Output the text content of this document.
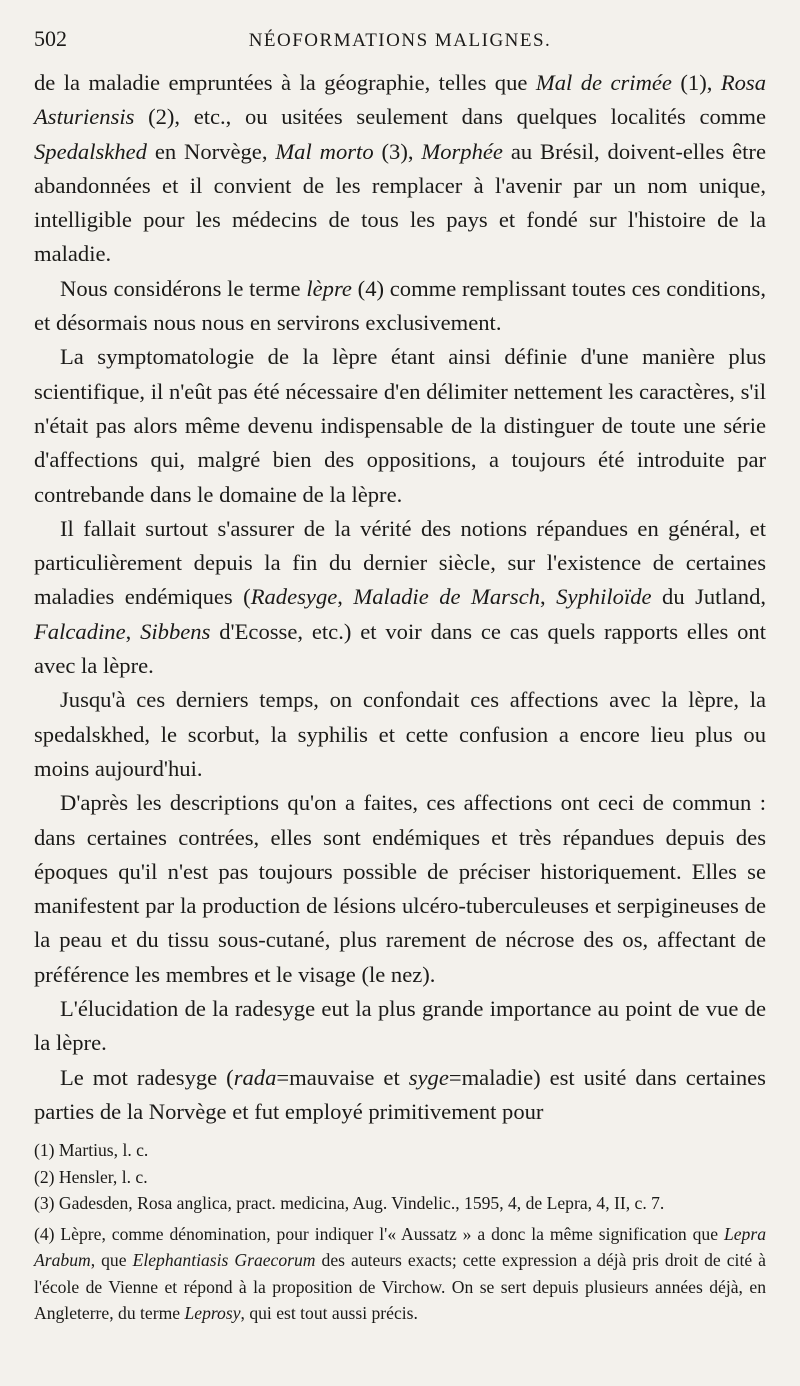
502	NÉOFORMATIONS MALIGNES.

de la maladie empruntées à la géographie, telles que Mal de crimée (1), Rosa Asturiensis (2), etc., ou usitées seulement dans quelques localités comme Spedalskhed en Norvège, Mal morto (3), Morphée au Brésil, doivent-elles être abandonnées et il convient de les remplacer à l'avenir par un nom unique, intelligible pour les médecins de tous les pays et fondé sur l'histoire de la maladie.

Nous considérons le terme lèpre (4) comme remplissant toutes ces conditions, et désormais nous nous en servirons exclusivement.

La symptomatologie de la lèpre étant ainsi définie d'une manière plus scientifique, il n'eût pas été nécessaire d'en délimiter nettement les caractères, s'il n'était pas alors même devenu indispensable de la distinguer de toute une série d'affections qui, malgré bien des oppositions, a toujours été introduite par contrebande dans le domaine de la lèpre.

Il fallait surtout s'assurer de la vérité des notions répandues en général, et particulièrement depuis la fin du dernier siècle, sur l'existence de certaines maladies endémiques (Radesyge, Maladie de Marsch, Syphiloïde du Jutland, Falcadine, Sibbens d'Ecosse, etc.) et voir dans ce cas quels rapports elles ont avec la lèpre.

Jusqu'à ces derniers temps, on confondait ces affections avec la lèpre, la spedalskhed, le scorbut, la syphilis et cette confusion a encore lieu plus ou moins aujourd'hui.

D'après les descriptions qu'on a faites, ces affections ont ceci de commun : dans certaines contrées, elles sont endémiques et très répandues depuis des époques qu'il n'est pas toujours possible de préciser historiquement. Elles se manifestent par la production de lésions ulcéro-tuberculeuses et serpigineuses de la peau et du tissu sous-cutané, plus rarement de nécrose des os, affectant de préférence les membres et le visage (le nez).

L'élucidation de la radesyge eut la plus grande importance au point de vue de la lèpre.

Le mot radesyge (rada=mauvaise et syge=maladie) est usité dans certaines parties de la Norvège et fut employé primitivement pour

(1) Martius, l. c.

(2) Hensler, l. c.

(3) Gadesden, Rosa anglica, pract. medicina, Aug. Vindelic., 1595, 4, de Lepra, 4, II, c. 7.

(4) Lèpre, comme dénomination, pour indiquer l'« Aussatz » a donc la même signification que Lepra Arabum, que Elephantiasis Graecorum des auteurs exacts; cette expression a déjà pris droit de cité à l'école de Vienne et répond à la proposition de Virchow. On se sert depuis plusieurs années déjà, en Angleterre, du terme Leprosy, qui est tout aussi précis.
